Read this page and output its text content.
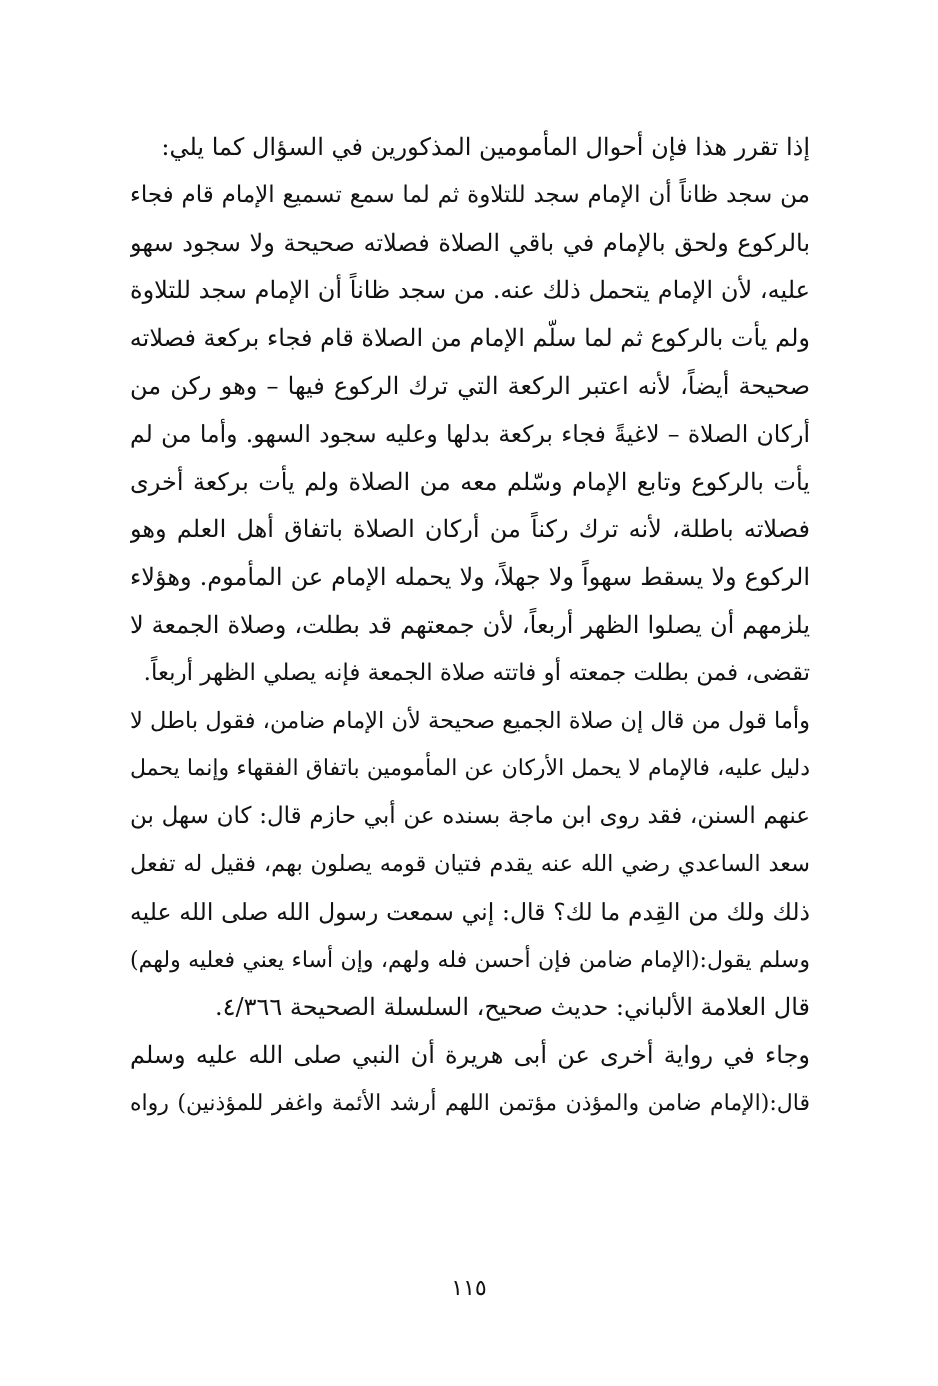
إذا تقرر هذا فإن أحوال المأمومين المذكورين في السؤال كما يلي:
من سجد ظاناً أن الإمام سجد للتلاوة ثم لما سمع تسميع الإمام قام فجاء
بالركوع ولحق بالإمام في باقي الصلاة فصلاته صحيحة ولا سجود سهو
عليه، لأن الإمام يتحمل ذلك عنه. من سجد ظاناً أن الإمام سجد للتلاوة
ولم يأت بالركوع ثم لما سلّم الإمام من الصلاة قام فجاء بركعة فصلاته
صحيحة أيضاً، لأنه اعتبر الركعة التي ترك الركوع فيها – وهو ركن من
أركان الصلاة – لاغيةً فجاء بركعة بدلها وعليه سجود السهو. وأما من لم
يأت بالركوع وتابع الإمام وسّلم معه من الصلاة ولم يأت بركعة أخرى
فصلاته باطلة، لأنه ترك ركناً من أركان الصلاة باتفاق أهل العلم وهو
الركوع ولا يسقط سهواً ولا جهلاً، ولا يحمله الإمام عن المأموم. وهؤلاء
يلزمهم أن يصلوا الظهر أربعاً، لأن جمعتهم قد بطلت، وصلاة الجمعة لا
تقضى، فمن بطلت جمعته أو فاتته صلاة الجمعة فإنه يصلي الظهر أربعاً.
وأما قول من قال إن صلاة الجميع صحيحة لأن الإمام ضامن، فقول باطل لا
دليل عليه، فالإمام لا يحمل الأركان عن المأمومين باتفاق الفقهاء وإنما يحمل
عنهم السنن، فقد روى ابن ماجة بسنده عن أبي حازم قال: كان سهل بن
سعد الساعدي رضي الله عنه يقدم فتيان قومه يصلون بهم، فقيل له تفعل
ذلك ولك من القِدم ما لك؟ قال: إني سمعت رسول الله صلى الله عليه
وسلم يقول:(الإمام ضامن فإن أحسن فله ولهم، وإن أساء يعني فعليه ولهم)
قال العلامة الألباني: حديث صحيح، السلسلة الصحيحة ٤/٣٦٦.
وجاء في رواية أخرى عن أبى هريرة أن النبي صلى الله عليه وسلم
قال:(الإمام ضامن والمؤذن مؤتمن اللهم أرشد الأئمة واغفر للمؤذنين) رواه
١١٥
